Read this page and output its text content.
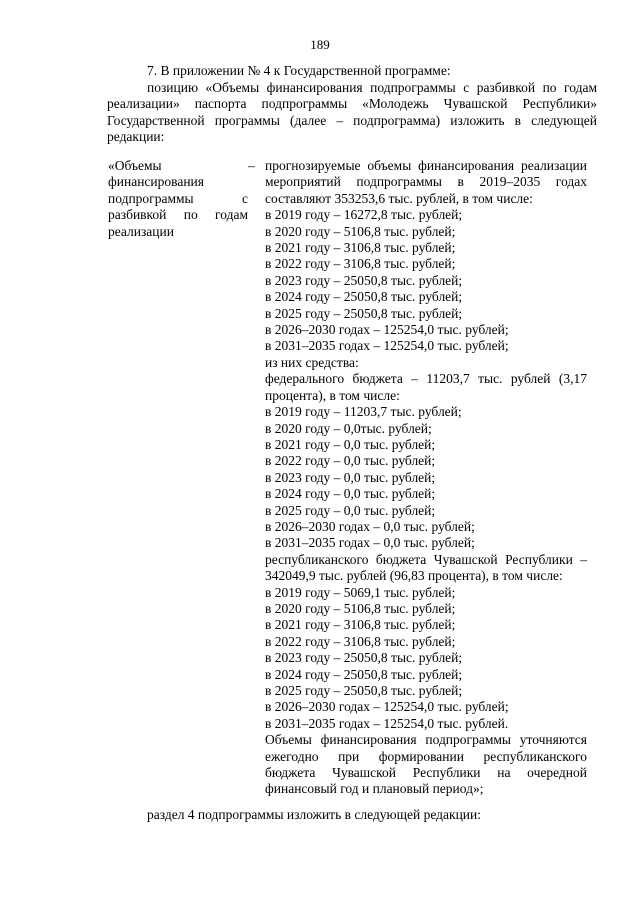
189

7. В приложении № 4 к Государственной программе:

позицию «Объемы финансирования подпрограммы с разбивкой по годам реализации» паспорта подпрограммы «Молодежь Чувашской Республики» Государственной программы (далее – подпрограмма) изложить в следующей редакции:

«Объемы финансирования подпрограммы с разбивкой по годам реализации
– прогнозируемые объемы финансирования реализации мероприятий подпрограммы в 2019–2035 годах составляют 353253,6 тыс. рублей, в том числе:
в 2019 году – 16272,8 тыс. рублей;
в 2020 году – 5106,8 тыс. рублей;
в 2021 году – 3106,8 тыс. рублей;
в 2022 году – 3106,8 тыс. рублей;
в 2023 году – 25050,8 тыс. рублей;
в 2024 году – 25050,8 тыс. рублей;
в 2025 году – 25050,8 тыс. рублей;
в 2026–2030 годах – 125254,0 тыс. рублей;
в 2031–2035 годах – 125254,0 тыс. рублей;
из них средства:
федерального бюджета – 11203,7 тыс. рублей (3,17 процента), в том числе:
в 2019 году – 11203,7 тыс. рублей;
в 2020 году – 0,0тыс. рублей;
в 2021 году – 0,0 тыс. рублей;
в 2022 году – 0,0 тыс. рублей;
в 2023 году – 0,0 тыс. рублей;
в 2024 году – 0,0 тыс. рублей;
в 2025 году – 0,0 тыс. рублей;
в 2026–2030 годах – 0,0 тыс. рублей;
в 2031–2035 годах – 0,0 тыс. рублей;
республиканского бюджета Чувашской Республики – 342049,9 тыс. рублей (96,83 процента), в том числе:
в 2019 году – 5069,1 тыс. рублей;
в 2020 году – 5106,8 тыс. рублей;
в 2021 году – 3106,8 тыс. рублей;
в 2022 году – 3106,8 тыс. рублей;
в 2023 году – 25050,8 тыс. рублей;
в 2024 году – 25050,8 тыс. рублей;
в 2025 году – 25050,8 тыс. рублей;
в 2026–2030 годах – 125254,0 тыс. рублей;
в 2031–2035 годах – 125254,0 тыс. рублей.
Объемы финансирования подпрограммы уточняются ежегодно при формировании республиканского бюджета Чувашской Республики на очередной финансовый год и плановый период»;
раздел 4 подпрограммы изложить в следующей редакции:
